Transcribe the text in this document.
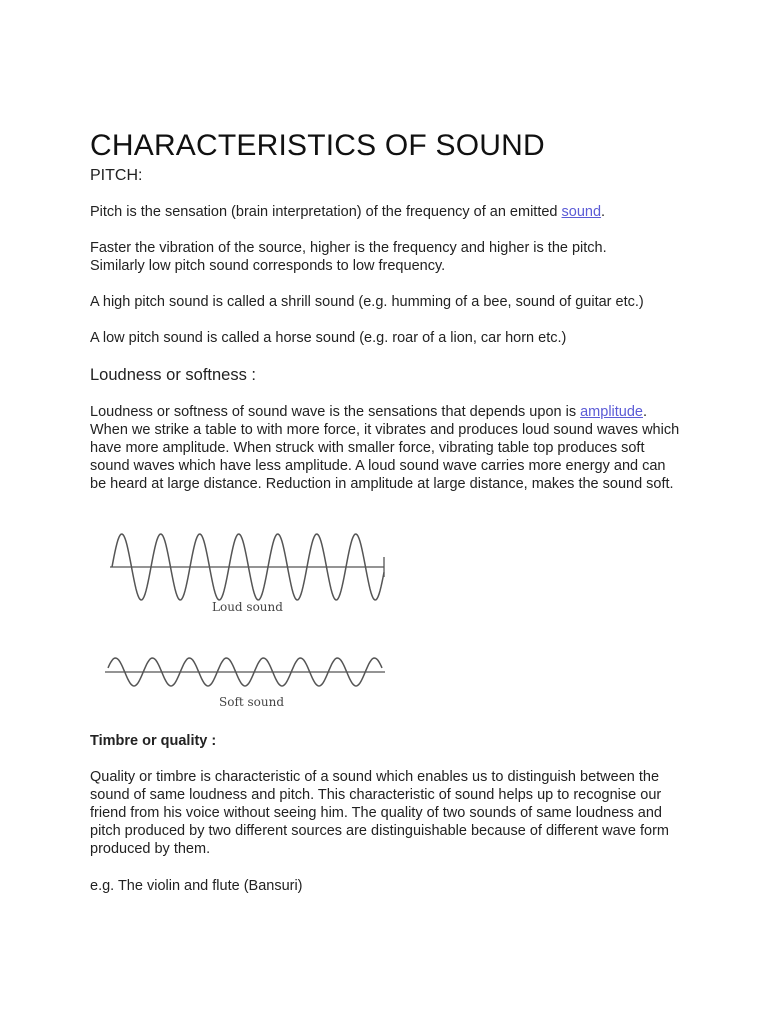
CHARACTERISTICS OF SOUND
PITCH:

Pitch is the sensation (brain interpretation) of the frequency of an emitted sound.

Faster the vibration of the source, higher is the frequency and higher is the pitch. Similarly low pitch sound corresponds to low frequency.

A high pitch sound is called a shrill sound (e.g. humming of a bee, sound of guitar etc.)

A low pitch sound is called a horse sound (e.g. roar of a lion, car horn etc.)

Loudness or softness :

Loudness or softness of sound wave is the sensations that depends upon is amplitude. When we strike a table to with more force, it vibrates and produces loud sound waves which have more amplitude. When struck with smaller force, vibrating table top produces soft sound waves which have less amplitude. A loud sound wave carries more energy and can be heard at large distance. Reduction in amplitude at large distance, makes the sound soft.

Loud sound
Soft sound
Timbre or quality :

Quality or timbre is characteristic of a sound which enables us to distinguish between the sound of same loudness and pitch. This characteristic of sound helps up to recognise our friend from his voice without seeing him. The quality of two sounds of same loudness and pitch produced by two different sources are distinguishable because of different wave form produced by them.

e.g. The violin and flute (Bansuri)
